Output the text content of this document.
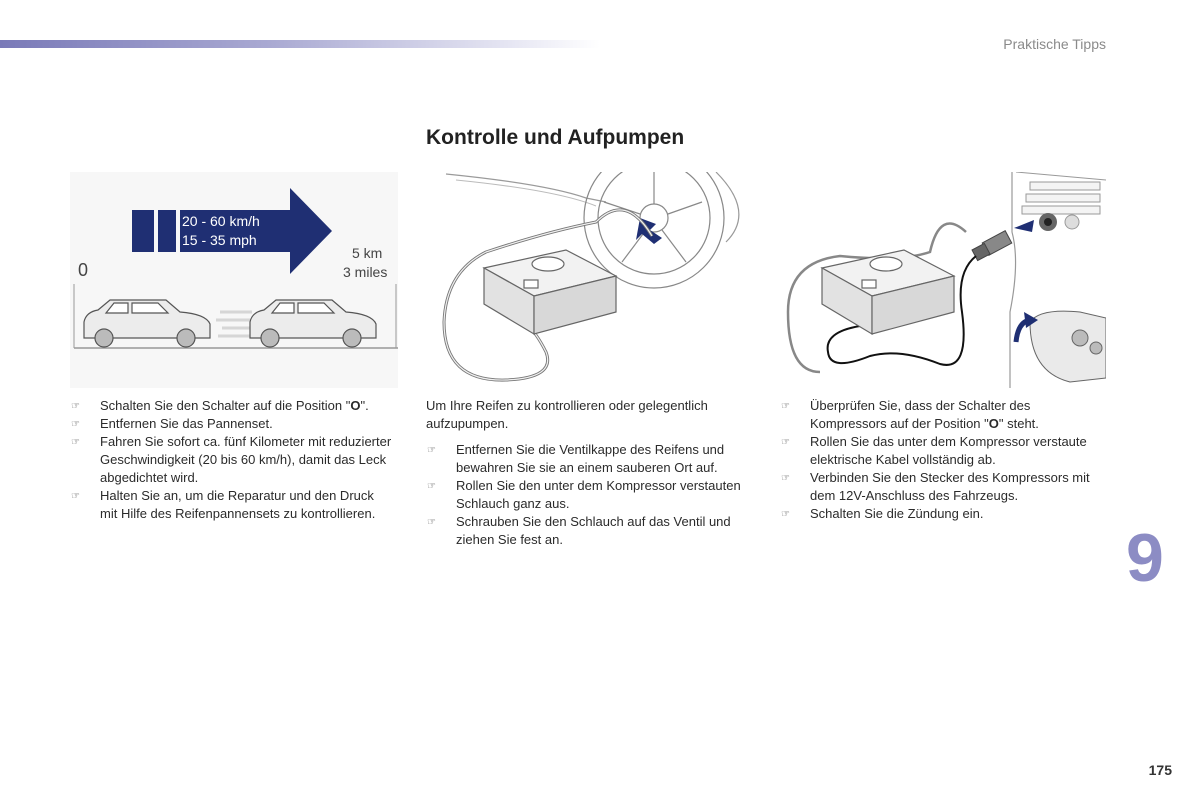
Praktische Tipps
Kontrolle und Aufpumpen
20 - 60 km/h
15 - 35 mph
0
5 km
3 miles
☞ Schalten Sie den Schalter auf die Position "O".
☞ Entfernen Sie das Pannenset.
☞ Fahren Sie sofort ca. fünf Kilometer mit reduzierter Geschwindigkeit (20 bis 60 km/h), damit das Leck abgedichtet wird.
☞ Halten Sie an, um die Reparatur und den Druck mit Hilfe des Reifenpannensets zu kontrollieren.

Um Ihre Reifen zu kontrollieren oder gelegentlich aufzupumpen.

☞ Entfernen Sie die Ventilkappe des Reifens und bewahren Sie sie an einem sauberen Ort auf.
☞ Rollen Sie den unter dem Kompressor verstauten Schlauch ganz aus.
☞ Schrauben Sie den Schlauch auf das Ventil und ziehen Sie fest an.
☞ Überprüfen Sie, dass der Schalter des Kompressors auf der Position "O" steht.
☞ Rollen Sie das unter dem Kompressor verstaute elektrische Kabel vollständig ab.
☞ Verbinden Sie den Stecker des Kompressors mit dem 12V-Anschluss des Fahrzeugs.
☞ Schalten Sie die Zündung ein.
9
175
